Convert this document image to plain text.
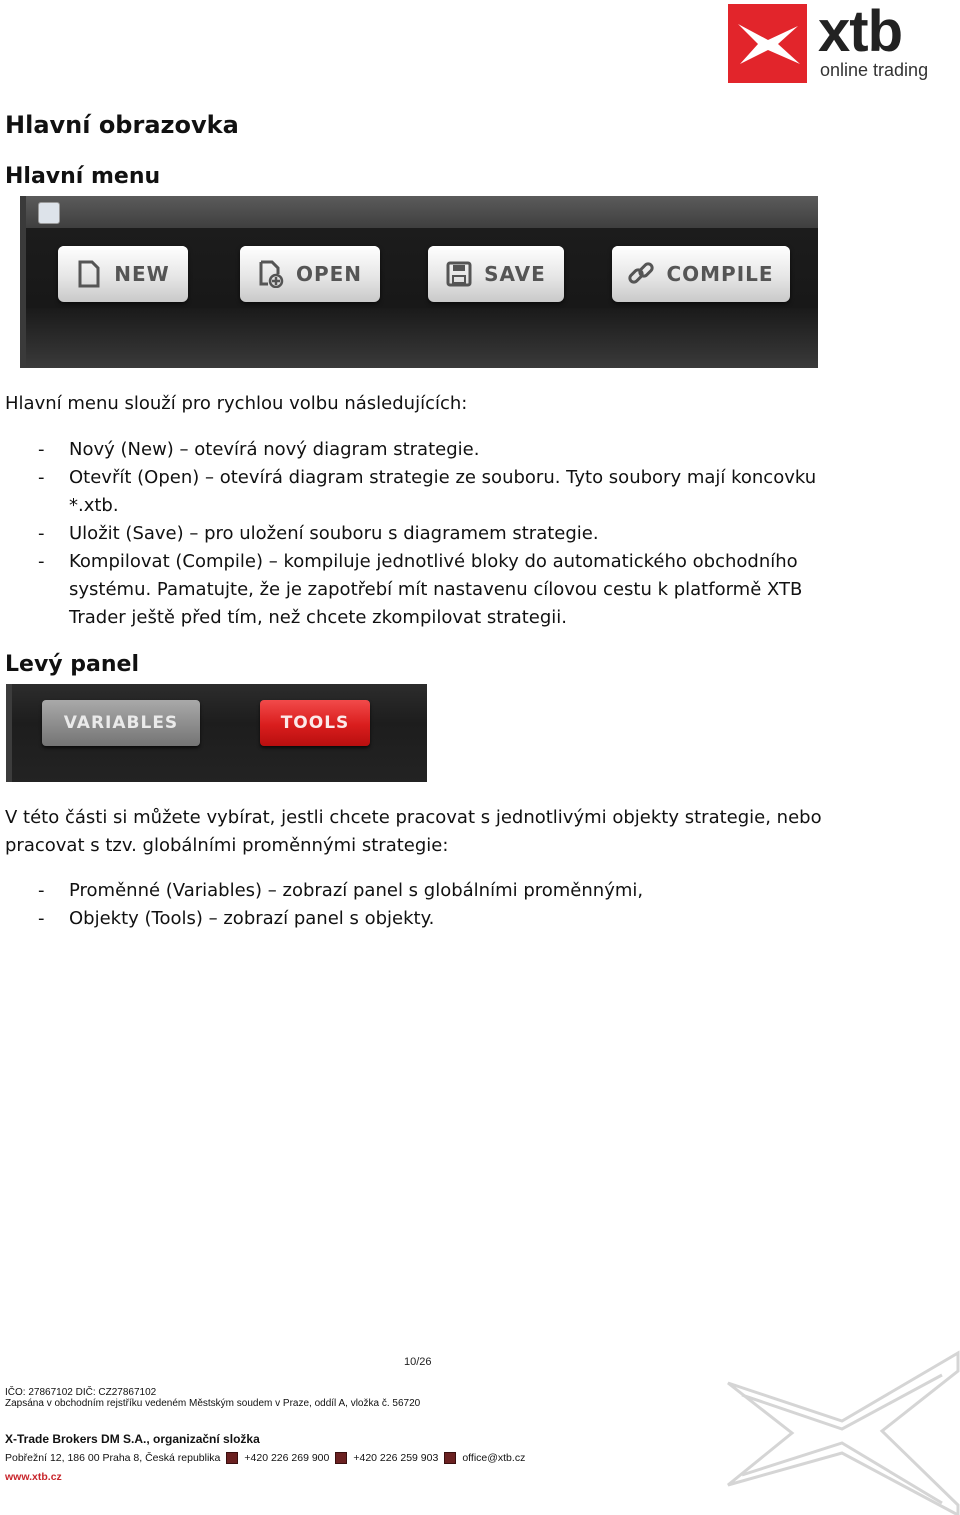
xtb
online trading
Hlavní obrazovka
Hlavní menu
NEW	OPEN	SAVE	COMPILE
Hlavní menu slouží pro rychlou volbu následujících:
- Nový (New) – otevírá nový diagram strategie.
- Otevřít (Open) – otevírá diagram strategie ze souboru. Tyto soubory mají koncovku *.xtb.
- Uložit (Save) – pro uložení souboru s diagramem strategie.
- Kompilovat (Compile) – kompiluje jednotlivé bloky do automatického obchodního systému. Pamatujte, že je zapotřebí mít nastavenu cílovou cestu k platformě XTB Trader ještě před tím, než chcete zkompilovat strategii.
Levý panel
VARIABLES	TOOLS
V této části si můžete vybírat, jestli chcete pracovat s jednotlivými objekty strategie, nebo pracovat s tzv. globálními proměnnými strategie:
- Proměnné (Variables) – zobrazí panel s globálními proměnnými,
- Objekty (Tools) – zobrazí panel s objekty.
10/26
IČO: 27867102 DIČ: CZ27867102
Zapsána v obchodním rejstříku vedeném Městským soudem v Praze, oddíl A, vložka č. 56720
X-Trade Brokers DM S.A., organizační složka
Pobřežní 12, 186 00 Praha 8, Česká republika +420 226 269 900 +420 226 259 903 office@xtb.cz
www.xtb.cz
